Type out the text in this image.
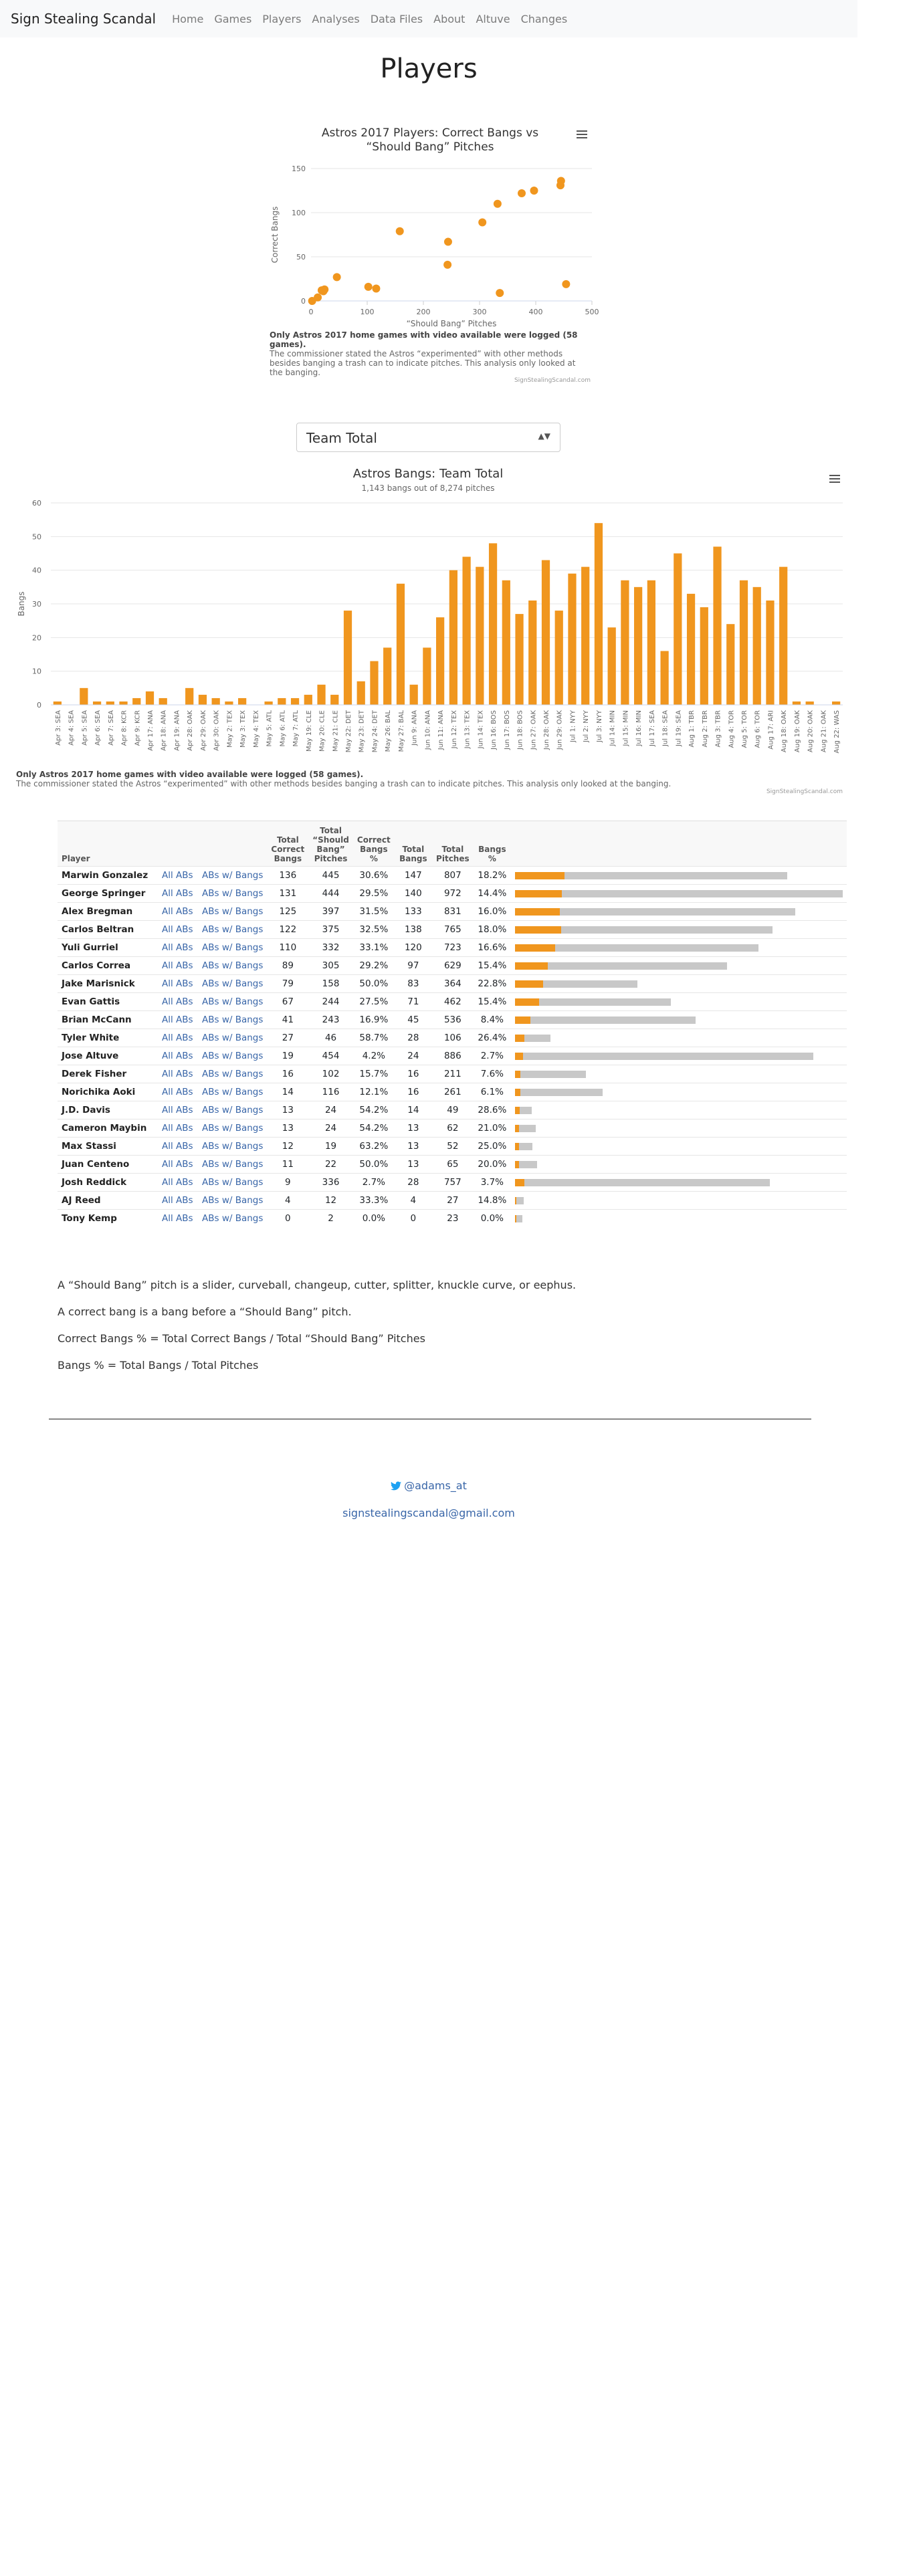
Sign Stealing Scandal Home Games Players Analyses Data Files About Altuve Changes
Players
Astros 2017 Players: Correct Bangs vs
“Should Bang” Pitches
0
50
100
150
0	100	200	300	400	500
“Should Bang” Pitches
Correct Bangs
Only Astros 2017 home games with video available were logged (58 games).
The commissioner stated the Astros “experimented” with other methods besides banging a trash can to indicate pitches. This analysis only looked at the banging.
SignStealingScandal.com
Team Total	▲▼
Astros Bangs: Team Total
1,143 bangs out of 8,274 pitches
0
10
20
30
40
50
60
Bangs
Apr 3: SEA Apr 4: SEA Apr 5: SEA Apr 6: SEA Apr 7: SEA Apr 8: KCR Apr 9: KCR Apr 17: ANA Apr 18: ANA Apr 19: ANA Apr 28: OAK Apr 29: OAK Apr 30: OAK May 2: TEX May 3: TEX May 4: TEX May 5: ATL May 6: ATL May 7: ATL May 19: CLE May 20: CLE May 21: CLE May 22: DET May 23: DET May 24: DET May 26: BAL May 27: BAL Jun 9: ANA Jun 10: ANA Jun 11: ANA Jun 12: TEX Jun 13: TEX Jun 14: TEX Jun 16: BOS Jun 17: BOS Jun 18: BOS Jun 27: OAK Jun 28: OAK Jun 29: OAK Jul 1: NYY Jul 2: NYY Jul 3: NYY Jul 14: MIN Jul 15: MIN Jul 16: MIN Jul 17: SEA Jul 18: SEA Jul 19: SEA Aug 1: TBR Aug 2: TBR Aug 3: TBR Aug 4: TOR Aug 5: TOR Aug 6: TOR Aug 17: ARI Aug 18: OAK Aug 19: OAK Aug 20: OAK Aug 21: OAK Aug 22: WAS
Only Astros 2017 home games with video available were logged (58 games).
The commissioner stated the Astros “experimented” with other methods besides banging a trash can to indicate pitches. This analysis only looked at the banging.
SignStealingScandal.com
Player			Total Correct Bangs	Total “Should Bang” Pitches	Correct Bangs %	Total Bangs	Total Pitches	Bangs %	
Marwin Gonzalez	All ABs	ABs w/ Bangs	136	445	30.6%	147	807	18.2%	

George Springer	All ABs	ABs w/ Bangs	131	444	29.5%	140	972	14.4%	

Alex Bregman	All ABs	ABs w/ Bangs	125	397	31.5%	133	831	16.0%	

Carlos Beltran	All ABs	ABs w/ Bangs	122	375	32.5%	138	765	18.0%	

Yuli Gurriel	All ABs	ABs w/ Bangs	110	332	33.1%	120	723	16.6%	

Carlos Correa	All ABs	ABs w/ Bangs	89	305	29.2%	97	629	15.4%	

Jake Marisnick	All ABs	ABs w/ Bangs	79	158	50.0%	83	364	22.8%	

Evan Gattis	All ABs	ABs w/ Bangs	67	244	27.5%	71	462	15.4%	

Brian McCann	All ABs	ABs w/ Bangs	41	243	16.9%	45	536	8.4%	

Tyler White	All ABs	ABs w/ Bangs	27	46	58.7%	28	106	26.4%	

Jose Altuve	All ABs	ABs w/ Bangs	19	454	4.2%	24	886	2.7%	

Derek Fisher	All ABs	ABs w/ Bangs	16	102	15.7%	16	211	7.6%	

Norichika Aoki	All ABs	ABs w/ Bangs	14	116	12.1%	16	261	6.1%	

J.D. Davis	All ABs	ABs w/ Bangs	13	24	54.2%	14	49	28.6%	

Cameron Maybin	All ABs	ABs w/ Bangs	13	24	54.2%	13	62	21.0%	

Max Stassi	All ABs	ABs w/ Bangs	12	19	63.2%	13	52	25.0%	

Juan Centeno	All ABs	ABs w/ Bangs	11	22	50.0%	13	65	20.0%	

Josh Reddick	All ABs	ABs w/ Bangs	9	336	2.7%	28	757	3.7%	

AJ Reed	All ABs	ABs w/ Bangs	4	12	33.3%	4	27	14.8%	

Tony Kemp	All ABs	ABs w/ Bangs	0	2	0.0%	0	23	0.0%	
A “Should Bang” pitch is a slider, curveball, changeup, cutter, splitter, knuckle curve, or eephus.
A correct bang is a bang before a “Should Bang” pitch.
Correct Bangs % = Total Correct Bangs / Total “Should Bang” Pitches
Bangs % = Total Bangs / Total Pitches
@adams_at
signstealingscandal@gmail.com
